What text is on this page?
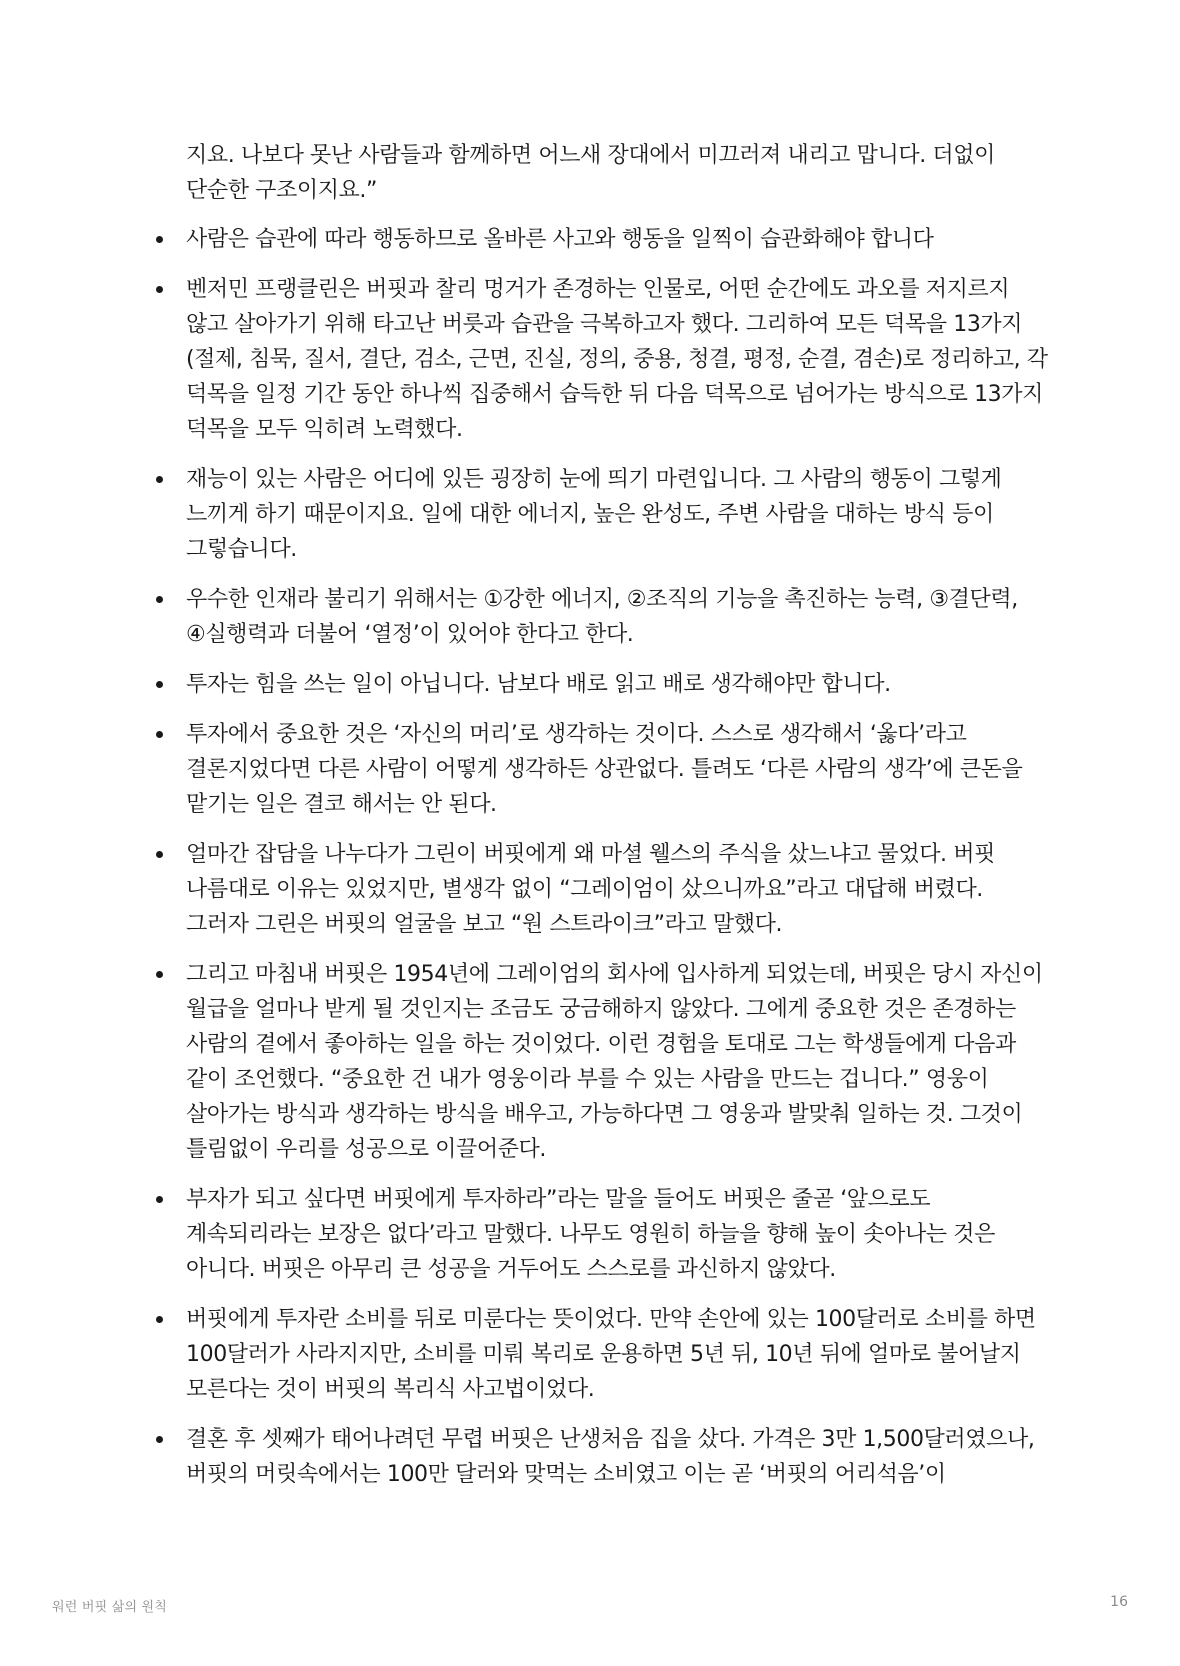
지요. 나보다 못난 사람들과 함께하면 어느새 장대에서 미끄러져 내리고 맙니다. 더없이 단순한 구조이지요.”

사람은 습관에 따라 행동하므로 올바른 사고와 행동을 일찍이 습관화해야 합니다
벤저민 프랭클린은 버핏과 찰리 멍거가 존경하는 인물로, 어떤 순간에도 과오를 저지르지 않고 살아가기 위해 타고난 버릇과 습관을 극복하고자 했다. 그리하여 모든 덕목을 13가지(절제, 침묵, 질서, 결단, 검소, 근면, 진실, 정의, 중용, 청결, 평정, 순결, 겸손)로 정리하고, 각 덕목을 일정 기간 동안 하나씩 집중해서 습득한 뒤 다음 덕목으로 넘어가는 방식으로 13가지 덕목을 모두 익히려 노력했다.
재능이 있는 사람은 어디에 있든 굉장히 눈에 띄기 마련입니다. 그 사람의 행동이 그렇게 느끼게 하기 때문이지요. 일에 대한 에너지, 높은 완성도, 주변 사람을 대하는 방식 등이 그렇습니다.
우수한 인재라 불리기 위해서는 ①강한 에너지, ②조직의 기능을 촉진하는 능력, ③결단력, ④실행력과 더불어 ‘열정’이 있어야 한다고 한다.
투자는 힘을 쓰는 일이 아닙니다. 남보다 배로 읽고 배로 생각해야만 합니다.
투자에서 중요한 것은 ‘자신의 머리’로 생각하는 것이다. 스스로 생각해서 ‘옳다’라고 결론지었다면 다른 사람이 어떻게 생각하든 상관없다. 틀려도 ‘다른 사람의 생각’에 큰돈을 맡기는 일은 결코 해서는 안 된다.
얼마간 잡담을 나누다가 그린이 버핏에게 왜 마셜 웰스의 주식을 샀느냐고 물었다. 버핏 나름대로 이유는 있었지만, 별생각 없이 “그레이엄이 샀으니까요”라고 대답해 버렸다. 그러자 그린은 버핏의 얼굴을 보고 “원 스트라이크”라고 말했다.
그리고 마침내 버핏은 1954년에 그레이엄의 회사에 입사하게 되었는데, 버핏은 당시 자신이 월급을 얼마나 받게 될 것인지는 조금도 궁금해하지 않았다. 그에게 중요한 것은 존경하는 사람의 곁에서 좋아하는 일을 하는 것이었다. 이런 경험을 토대로 그는 학생들에게 다음과 같이 조언했다. “중요한 건 내가 영웅이라 부를 수 있는 사람을 만드는 겁니다.” 영웅이 살아가는 방식과 생각하는 방식을 배우고, 가능하다면 그 영웅과 발맞춰 일하는 것. 그것이 틀림없이 우리를 성공으로 이끌어준다.
부자가 되고 싶다면 버핏에게 투자하라”라는 말을 들어도 버핏은 줄곧 ‘앞으로도 계속되리라는 보장은 없다’라고 말했다. 나무도 영원히 하늘을 향해 높이 솟아나는 것은 아니다. 버핏은 아무리 큰 성공을 거두어도 스스로를 과신하지 않았다.
버핏에게 투자란 소비를 뒤로 미룬다는 뜻이었다. 만약 손안에 있는 100달러로 소비를 하면 100달러가 사라지지만, 소비를 미뤄 복리로 운용하면 5년 뒤, 10년 뒤에 얼마로 불어날지 모른다는 것이 버핏의 복리식 사고법이었다.
결혼 후 셋째가 태어나려던 무렵 버핏은 난생처음 집을 샀다. 가격은 3만 1,500달러였으나, 버핏의 머릿속에서는 100만 달러와 맞먹는 소비였고 이는 곧 ‘버핏의 어리석음’이
워런 버핏 삶의 원칙	16
